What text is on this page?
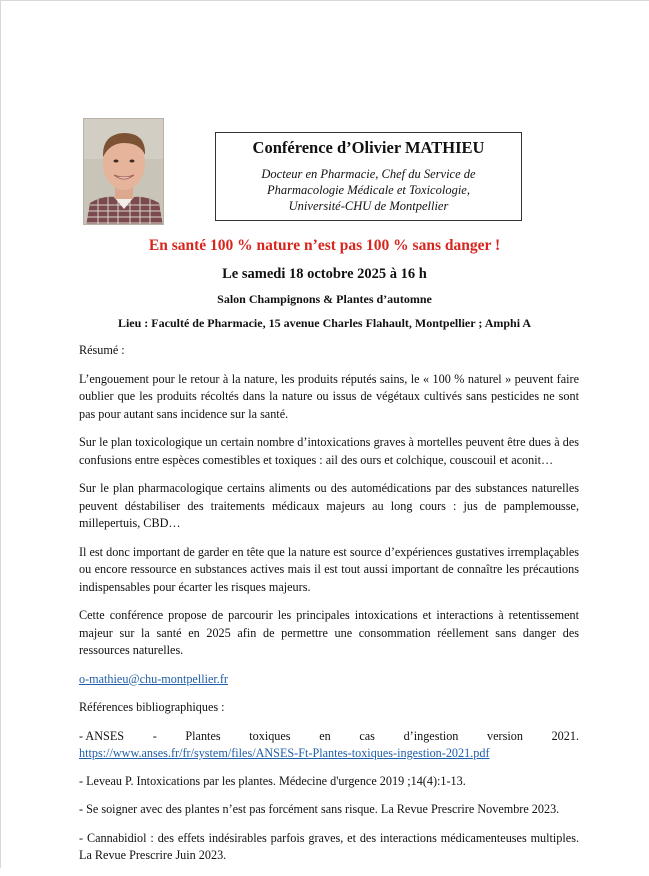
Conférence d’Olivier MATHIEU
Docteur en Pharmacie, Chef du Service de
Pharmacologie Médicale et Toxicologie,
Université-CHU de Montpellier
En santé 100 % nature n’est pas 100 % sans danger !
Le samedi 18 octobre 2025 à 16 h
Salon Champignons & Plantes d’automne
Lieu : Faculté de Pharmacie, 15 avenue Charles Flahault, Montpellier ; Amphi A

Résumé :

L’engouement pour le retour à la nature, les produits réputés sains, le « 100 % naturel » peuvent faire oublier que les produits récoltés dans la nature ou issus de végétaux cultivés sans pesticides ne sont pas pour autant sans incidence sur la santé.

Sur le plan toxicologique un certain nombre d’intoxications graves à mortelles peuvent être dues à des confusions entre espèces comestibles et toxiques : ail des ours et colchique, couscouil et aconit…

Sur le plan pharmacologique certains aliments ou des automédications par des substances naturelles peuvent déstabiliser des traitements médicaux majeurs au long cours : jus de pamplemousse, millepertuis, CBD…

Il est donc important de garder en tête que la nature est source d’expériences gustatives irremplaçables ou encore ressource en substances actives mais il est tout aussi important de connaître les précautions indispensables pour écarter les risques majeurs.

Cette conférence propose de parcourir les principales intoxications et interactions à retentissement majeur sur la santé en 2025 afin de permettre une consommation réellement sans danger des ressources naturelles.

o-mathieu@chu-montpellier.fr

Références bibliographiques :

- ANSES - Plantes toxiques en cas d’ingestion version 2021.
https://www.anses.fr/fr/system/files/ANSES-Ft-Plantes-toxiques-ingestion-2021.pdf

- Leveau P. Intoxications par les plantes. Médecine d'urgence 2019 ;14(4):1-13.

- Se soigner avec des plantes n’est pas forcément sans risque. La Revue Prescrire Novembre 2023.

- Cannabidiol : des effets indésirables parfois graves, et des interactions médicamenteuses multiples. La Revue Prescrire Juin 2023.
